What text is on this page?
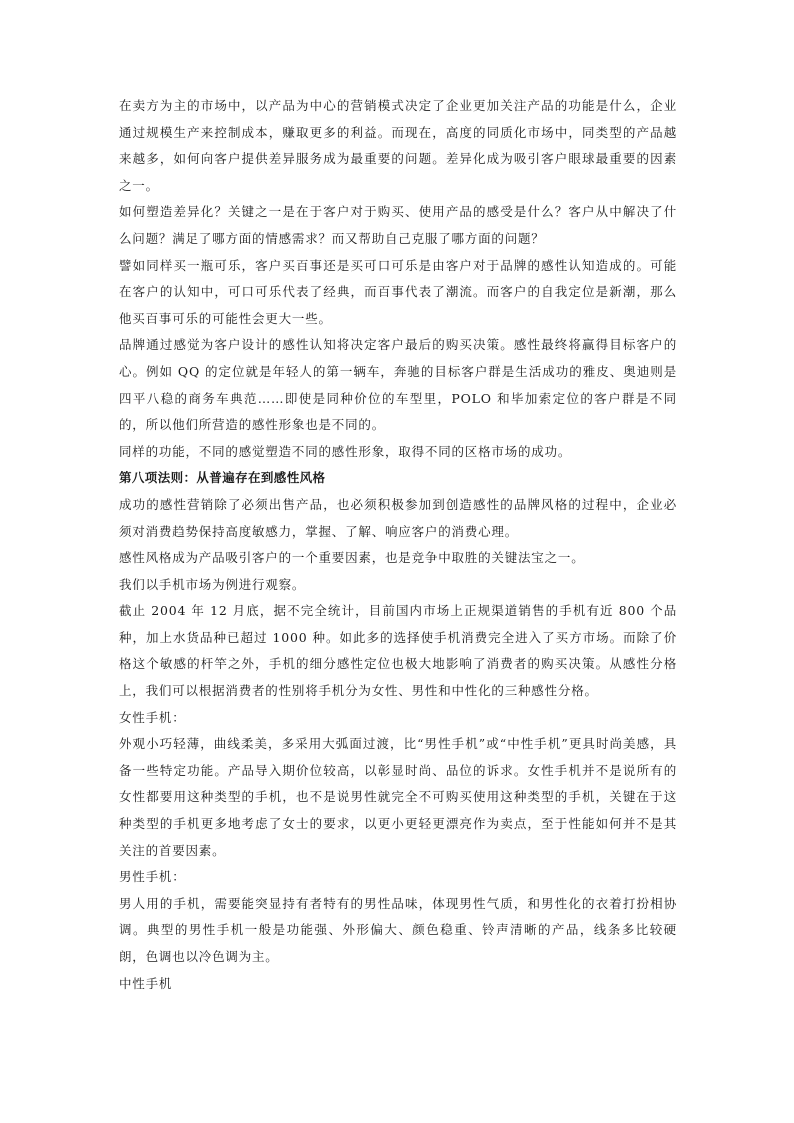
在卖方为主的市场中，以产品为中心的营销模式决定了企业更加关注产品的功能是什么，企业通过规模生产来控制成本，赚取更多的利益。而现在，高度的同质化市场中，同类型的产品越来越多，如何向客户提供差异服务成为最重要的问题。差异化成为吸引客户眼球最重要的因素之一。

如何塑造差异化？关键之一是在于客户对于购买、使用产品的感受是什么？客户从中解决了什么问题？满足了哪方面的情感需求？而又帮助自己克服了哪方面的问题？

譬如同样买一瓶可乐，客户买百事还是买可口可乐是由客户对于品牌的感性认知造成的。可能在客户的认知中，可口可乐代表了经典，而百事代表了潮流。而客户的自我定位是新潮，那么他买百事可乐的可能性会更大一些。

品牌通过感觉为客户设计的感性认知将决定客户最后的购买决策。感性最终将赢得目标客户的心。例如 QQ 的定位就是年轻人的第一辆车，奔驰的目标客户群是生活成功的雅皮、奥迪则是四平八稳的商务车典范……即使是同种价位的车型里，POLO 和毕加索定位的客户群是不同的，所以他们所营造的感性形象也是不同的。

同样的功能，不同的感觉塑造不同的感性形象，取得不同的区格市场的成功。

第八项法则：从普遍存在到感性风格

成功的感性营销除了必须出售产品，也必须积极参加到创造感性的品牌风格的过程中，企业必须对消费趋势保持高度敏感力，掌握、了解、响应客户的消费心理。

感性风格成为产品吸引客户的一个重要因素，也是竞争中取胜的关键法宝之一。

我们以手机市场为例进行观察。

截止 2004 年 12 月底，据不完全统计，目前国内市场上正规渠道销售的手机有近 800 个品种，加上水货品种已超过 1000 种。如此多的选择使手机消费完全进入了买方市场。而除了价格这个敏感的杆竿之外，手机的细分感性定位也极大地影响了消费者的购买决策。从感性分格上，我们可以根据消费者的性别将手机分为女性、男性和中性化的三种感性分格。

女性手机：

外观小巧轻薄，曲线柔美，多采用大弧面过渡，比“男性手机”或“中性手机”更具时尚美感，具备一些特定功能。产品导入期价位较高，以彰显时尚、品位的诉求。女性手机并不是说所有的女性都要用这种类型的手机，也不是说男性就完全不可购买使用这种类型的手机，关键在于这种类型的手机更多地考虑了女士的要求，以更小更轻更漂亮作为卖点，至于性能如何并不是其关注的首要因素。

男性手机：

男人用的手机，需要能突显持有者特有的男性品味，体现男性气质，和男性化的衣着打扮相协调。典型的男性手机一般是功能强、外形偏大、颜色稳重、铃声清晰的产品，线条多比较硬朗，色调也以冷色调为主。

中性手机
